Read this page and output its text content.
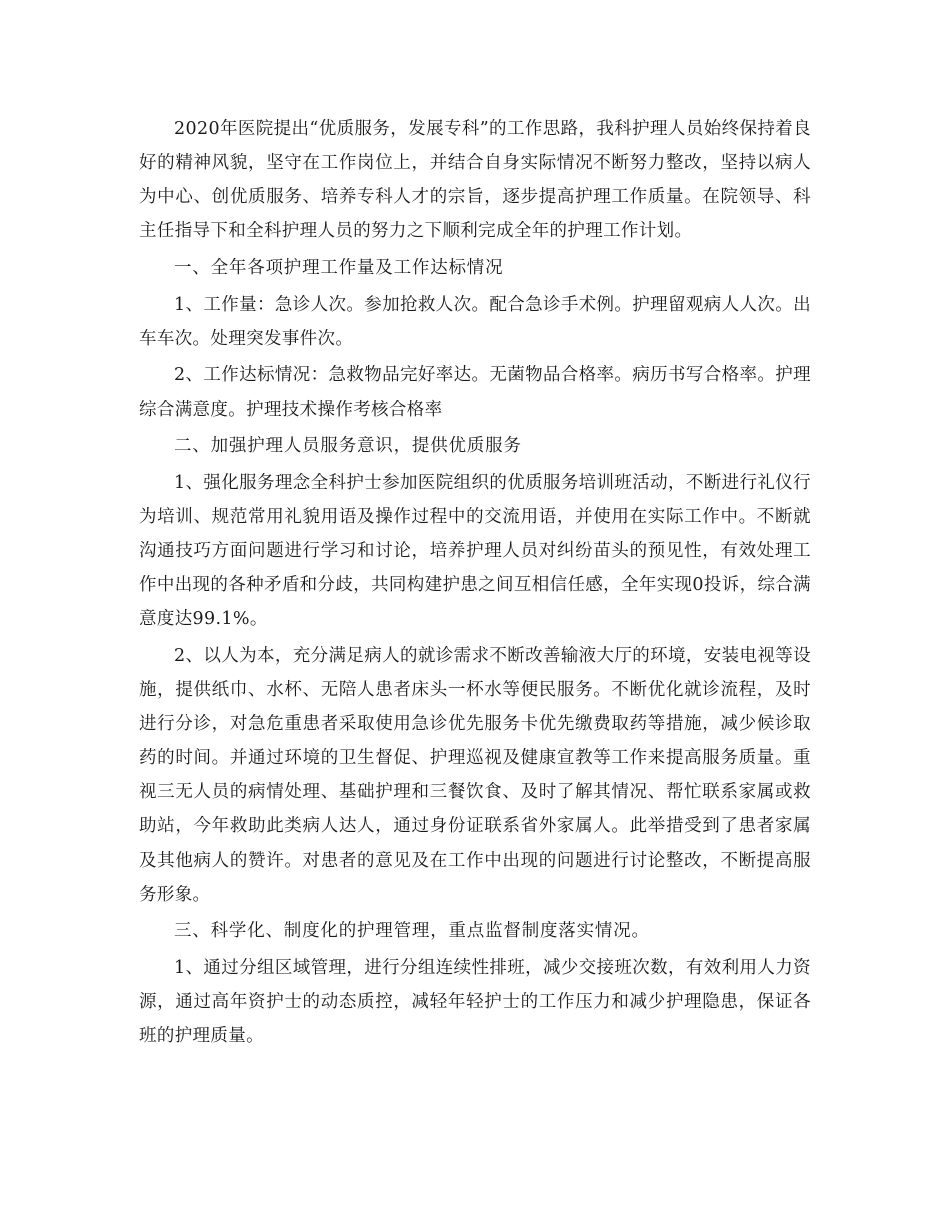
2020年医院提出“优质服务，发展专科”的工作思路，我科护理人员始终保持着良好的精神风貌，坚守在工作岗位上，并结合自身实际情况不断努力整改，坚持以病人为中心、创优质服务、培养专科人才的宗旨，逐步提高护理工作质量。在院领导、科主任指导下和全科护理人员的努力之下顺利完成全年的护理工作计划。

一、全年各项护理工作量及工作达标情况

1、工作量：急诊人次。参加抢救人次。配合急诊手术例。护理留观病人人次。出车车次。处理突发事件次。

2、工作达标情况：急救物品完好率达。无菌物品合格率。病历书写合格率。护理综合满意度。护理技术操作考核合格率

二、加强护理人员服务意识，提供优质服务

1、强化服务理念全科护士参加医院组织的优质服务培训班活动，不断进行礼仪行为培训、规范常用礼貌用语及操作过程中的交流用语，并使用在实际工作中。不断就沟通技巧方面问题进行学习和讨论，培养护理人员对纠纷苗头的预见性，有效处理工作中出现的各种矛盾和分歧，共同构建护患之间互相信任感，全年实现0投诉，综合满意度达99.1%。

2、以人为本，充分满足病人的就诊需求不断改善输液大厅的环境，安装电视等设施，提供纸巾、水杯、无陪人患者床头一杯水等便民服务。不断优化就诊流程，及时进行分诊，对急危重患者采取使用急诊优先服务卡优先缴费取药等措施，减少候诊取药的时间。并通过环境的卫生督促、护理巡视及健康宣教等工作来提高服务质量。重视三无人员的病情处理、基础护理和三餐饮食、及时了解其情况、帮忙联系家属或救助站，今年救助此类病人达人，通过身份证联系省外家属人。此举措受到了患者家属及其他病人的赞许。对患者的意见及在工作中出现的问题进行讨论整改，不断提高服务形象。

三、科学化、制度化的护理管理，重点监督制度落实情况。

1、通过分组区域管理，进行分组连续性排班，减少交接班次数，有效利用人力资源，通过高年资护士的动态质控，减轻年轻护士的工作压力和减少护理隐患，保证各班的护理质量。
